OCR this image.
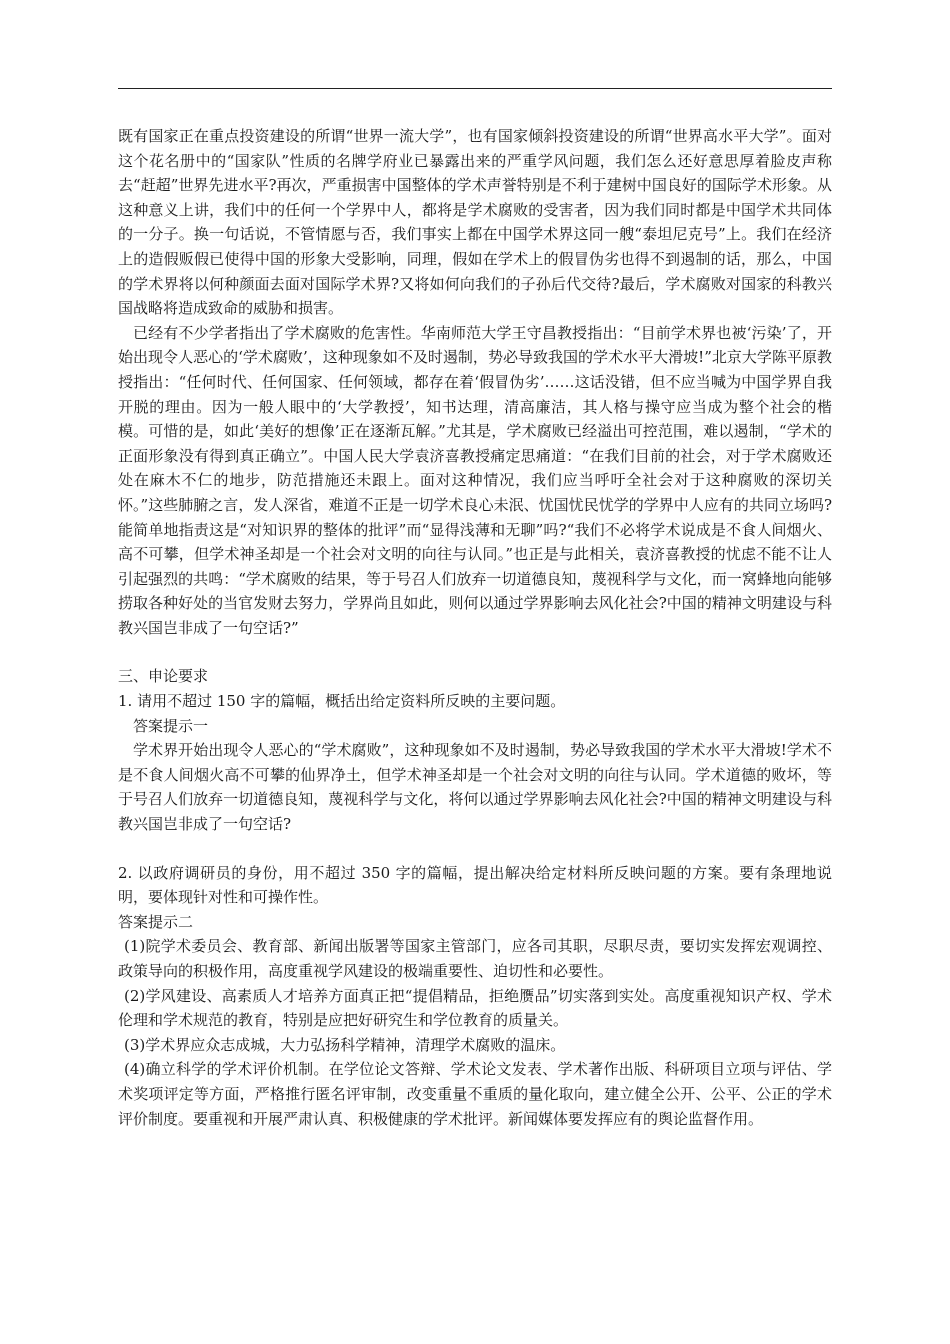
既有国家正在重点投资建设的所谓“世界一流大学”，也有国家倾斜投资建设的所谓“世界高水平大学”。面对这个花名册中的“国家队”性质的名牌学府业已暴露出来的严重学风问题，我们怎么还好意思厚着脸皮声称去“赶超”世界先进水平?再次，严重损害中国整体的学术声誉特别是不利于建树中国良好的国际学术形象。从这种意义上讲，我们中的任何一个学界中人，都将是学术腐败的受害者，因为我们同时都是中国学术共同体的一分子。换一句话说，不管情愿与否，我们事实上都在中国学术界这同一艘“泰坦尼克号”上。我们在经济上的造假贩假已使得中国的形象大受影响，同理，假如在学术上的假冒伪劣也得不到遏制的话，那么，中国的学术界将以何种颜面去面对国际学术界?又将如何向我们的子孙后代交待?最后，学术腐败对国家的科教兴国战略将造成致命的威胁和损害。

已经有不少学者指出了学术腐败的危害性。华南师范大学王守昌教授指出：“目前学术界也被‘污染’了，开始出现令人恶心的‘学术腐败’，这种现象如不及时遏制，势必导致我国的学术水平大滑坡!”北京大学陈平原教授指出：“任何时代、任何国家、任何领域，都存在着‘假冒伪劣’……这话没错，但不应当喊为中国学界自我开脱的理由。因为一般人眼中的‘大学教授’，知书达理，清高廉洁，其人格与操守应当成为整个社会的楷模。可惜的是，如此‘美好的想像’正在逐渐瓦解。”尤其是，学术腐败已经溢出可控范围，难以遏制，“学术的正面形象没有得到真正确立”。中国人民大学袁济喜教授痛定思痛道：“在我们目前的社会，对于学术腐败还处在麻木不仁的地步，防范措施还未跟上。面对这种情况，我们应当呼吁全社会对于这种腐败的深切关怀。”这些肺腑之言，发人深省，难道不正是一切学术良心未泯、忧国忧民忧学的学界中人应有的共同立场吗?能简单地指责这是“对知识界的整体的批评”而“显得浅薄和无聊”吗?“我们不必将学术说成是不食人间烟火、高不可攀，但学术神圣却是一个社会对文明的向往与认同。”也正是与此相关，袁济喜教授的忧虑不能不让人引起强烈的共鸣：“学术腐败的结果，等于号召人们放弃一切道德良知，蔑视科学与文化，而一窝蜂地向能够捞取各种好处的当官发财去努力，学界尚且如此，则何以通过学界影响去风化社会?中国的精神文明建设与科教兴国岂非成了一句空话?”

三、申论要求

1. 请用不超过 150 字的篇幅，概括出给定资料所反映的主要问题。

答案提示一

学术界开始出现令人恶心的“学术腐败”，这种现象如不及时遏制，势必导致我国的学术水平大滑坡!学术不是不食人间烟火高不可攀的仙界净土，但学术神圣却是一个社会对文明的向往与认同。学术道德的败坏，等于号召人们放弃一切道德良知，蔑视科学与文化，将何以通过学界影响去风化社会?中国的精神文明建设与科教兴国岂非成了一句空话?

2. 以政府调研员的身份，用不超过 350 字的篇幅，提出解决给定材料所反映问题的方案。要有条理地说明，要体现针对性和可操作性。

答案提示二

(1)院学术委员会、教育部、新闻出版署等国家主管部门，应各司其职，尽职尽责，要切实发挥宏观调控、政策导向的积极作用，高度重视学风建设的极端重要性、迫切性和必要性。

(2)学风建设、高素质人才培养方面真正把“提倡精品，拒绝赝品”切实落到实处。高度重视知识产权、学术伦理和学术规范的教育，特别是应把好研究生和学位教育的质量关。

(3)学术界应众志成城，大力弘扬科学精神，清理学术腐败的温床。

(4)确立科学的学术评价机制。在学位论文答辩、学术论文发表、学术著作出版、科研项目立项与评估、学术奖项评定等方面，严格推行匿名评审制，改变重量不重质的量化取向，建立健全公开、公平、公正的学术评价制度。要重视和开展严肃认真、积极健康的学术批评。新闻媒体要发挥应有的舆论监督作用。
